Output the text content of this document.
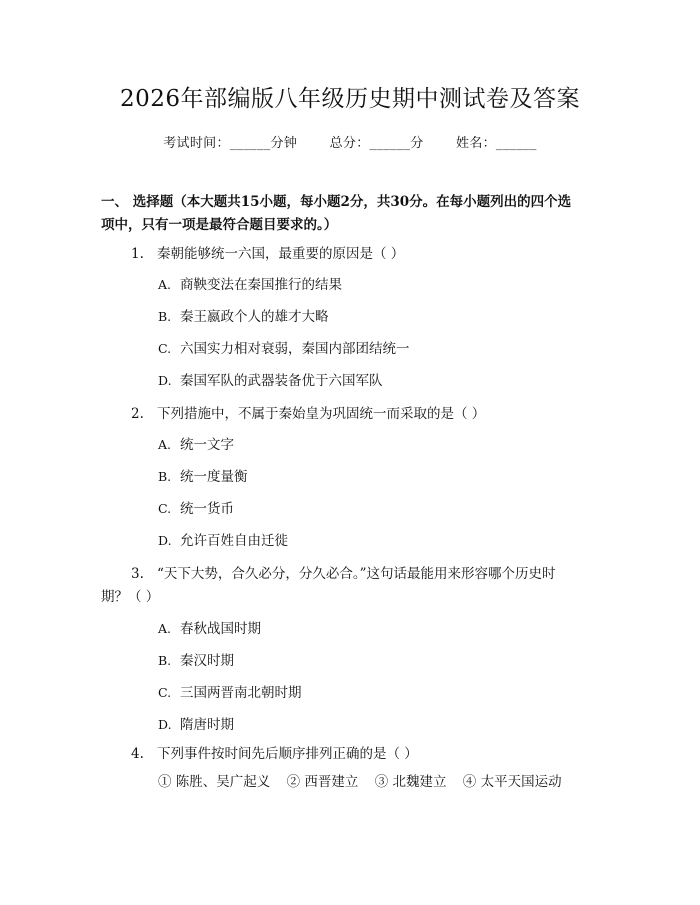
2026年部编版八年级历史期中测试卷及答案
考试时间：______分钟 总分：______分 姓名：______
一、 选择题（本大题共15小题，每小题2分，共30分。在每小题列出的四个选
项中，只有一项是最符合题目要求的。）
1. 秦朝能够统一六国，最重要的原因是（ ）
A. 商鞅变法在秦国推行的结果
B. 秦王嬴政个人的雄才大略
C. 六国实力相对衰弱，秦国内部团结统一
D. 秦国军队的武器装备优于六国军队
2. 下列措施中，不属于秦始皇为巩固统一而采取的是（ ）
A. 统一文字
B. 统一度量衡
C. 统一货币
D. 允许百姓自由迁徙
3. “天下大势，合久必分，分久必合。”这句话最能用来形容哪个历史时
期？（ ）
A. 春秋战国时期
B. 秦汉时期
C. 三国两晋南北朝时期
D. 隋唐时期
4. 下列事件按时间先后顺序排列正确的是（ ）
① 陈胜、吴广起义 ② 西晋建立 ③ 北魏建立 ④ 太平天国运动
